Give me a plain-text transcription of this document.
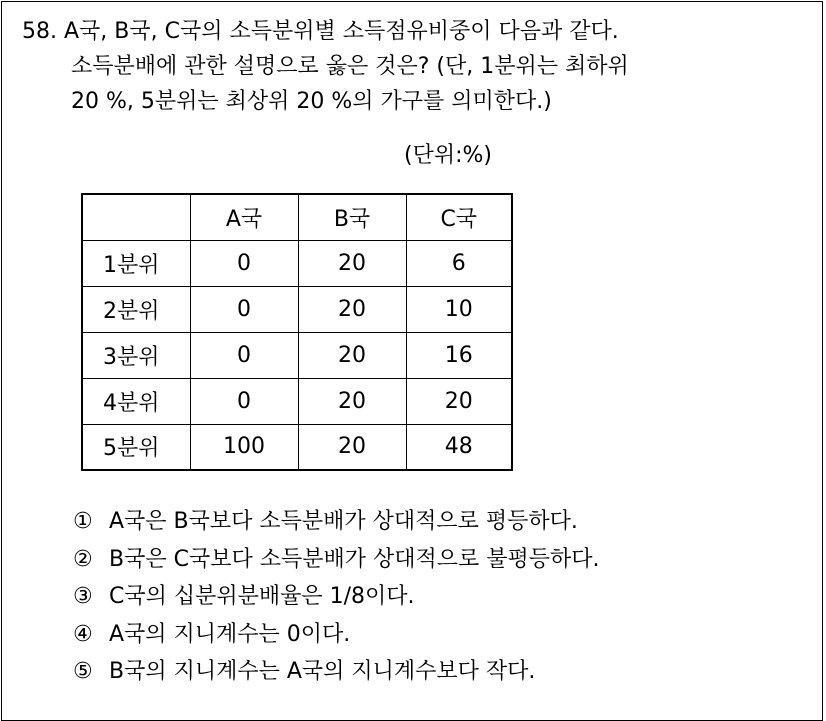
58. A국, B국, C국의 소득분위별 소득점유비중이 다음과 같다.
소득분배에 관한 설명으로 옳은 것은? (단, 1분위는 최하위
20 %, 5분위는 최상위 20 %의 가구를 의미한다.)
(단위:%)
	A국	B국	C국
1분위	0	20	6
2분위	0	20	10
3분위	0	20	16
4분위	0	20	20
5분위	100	20	48
① A국은 B국보다 소득분배가 상대적으로 평등하다.
② B국은 C국보다 소득분배가 상대적으로 불평등하다.
③ C국의 십분위분배율은 1/8이다.
④ A국의 지니계수는 0이다.
⑤ B국의 지니계수는 A국의 지니계수보다 작다.
